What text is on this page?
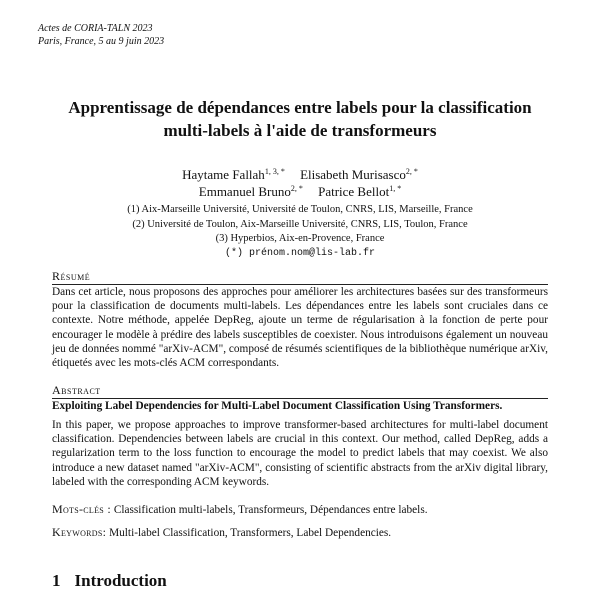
Actes de CORIA-TALN 2023
Paris, France, 5 au 9 juin 2023
Apprentissage de dépendances entre labels pour la classification
multi-labels à l'aide de transformeurs
Haytame Fallah$^{1, 3, *}$ Elisabeth Murisasco$^{2, *}$
Emmanuel Bruno$^{2, *}$ Patrice Bellot$^{1, *}$
(1) Aix-Marseille Université, Université de Toulon, CNRS, LIS, Marseille, France
(2) Université de Toulon, Aix-Marseille Université, CNRS, LIS, Toulon, France
(3) Hyperbios, Aix-en-Provence, France
(*) prénom.nom@lis-lab.fr
Résumé

Dans cet article, nous proposons des approches pour améliorer les architectures basées sur des transformeurs pour la classification de documents multi-labels. Les dépendances entre les labels sont cruciales dans ce contexte. Notre méthode, appelée DepReg, ajoute un terme de régularisation à la fonction de perte pour encourager le modèle à prédire des labels susceptibles de coexister. Nous introduisons également un nouveau jeu de données nommé "arXiv-ACM", composé de résumés scientifiques de la bibliothèque numérique arXiv, étiquetés avec les mots-clés ACM correspondants.

Abstract

Exploiting Label Dependencies for Multi-Label Document Classification Using Transformers.

In this paper, we propose approaches to improve transformer-based architectures for multi-label document classification. Dependencies between labels are crucial in this context. Our method, called DepReg, adds a regularization term to the loss function to encourage the model to predict labels that may coexist. We also introduce a new dataset named "arXiv-ACM", consisting of scientific abstracts from the arXiv digital library, labeled with the corresponding ACM keywords.

Mots-clés : Classification multi-labels, Transformeurs, Dépendances entre labels.
Keywords: Multi-label Classification, Transformers, Label Dependencies.
1 Introduction
